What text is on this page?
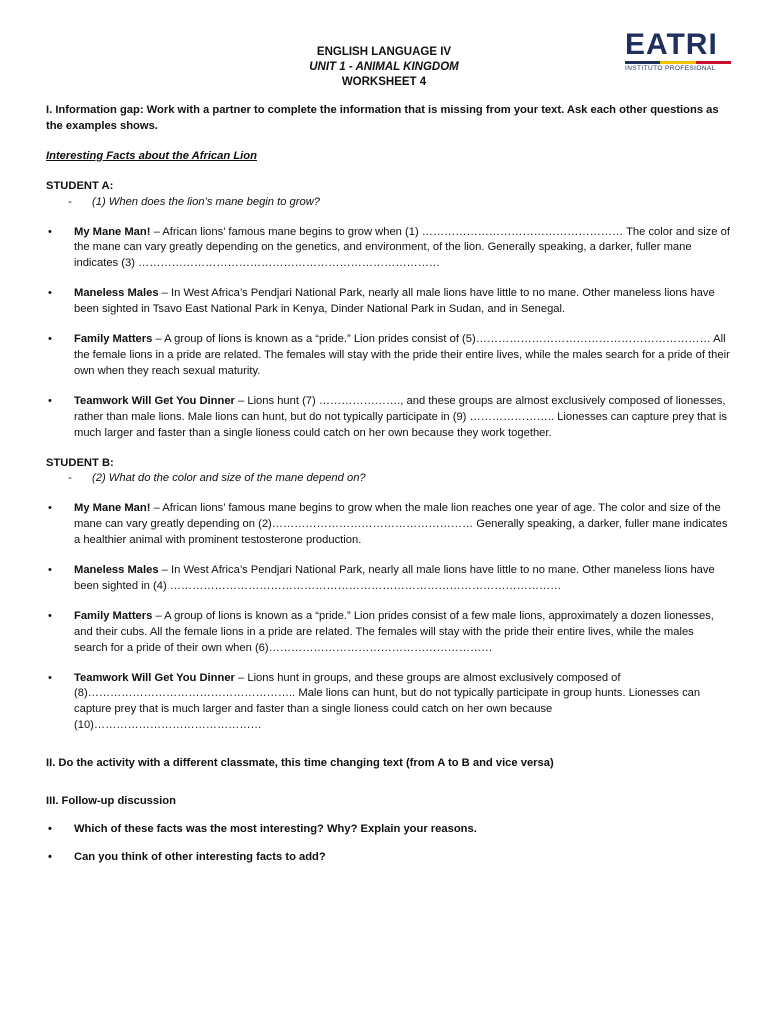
ENGLISH LANGUAGE IV
UNIT 1 - ANIMAL KINGDOM
WORKSHEET 4
EATRI
INSTITUTO PROFESIONAL
I. Information gap: Work with a partner to complete the information that is missing from your text. Ask each other questions as the examples shows.
Interesting Facts about the African Lion
STUDENT A:
-	(1) When does the lion’s mane begin to grow?
•	My Mane Man! – African lions’ famous mane begins to grow when (1) ……………………………………………… The color and size of the mane can vary greatly depending on the genetics, and environment, of the lion. Generally speaking, a darker, fuller mane indicates (3) ………………………………………………………………………
•	Maneless Males – In West Africa’s Pendjari National Park, nearly all male lions have little to no mane. Other maneless lions have been sighted in Tsavo East National Park in Kenya, Dinder National Park in Sudan, and in Senegal.
•	Family Matters – A group of lions is known as a “pride.” Lion prides consist of (5)……………………………………………………… All the female lions in a pride are related. The females will stay with the pride their entire lives, while the males search for a pride of their own when they reach sexual maturity.
•	Teamwork Will Get You Dinner – Lions hunt (7) …………………., and these groups are almost exclusively composed of lionesses, rather than male lions. Male lions can hunt, but do not typically participate in (9) ………………….. Lionesses can capture prey that is much larger and faster than a single lioness could catch on her own because they work together.
STUDENT B:
-	(2) What do the color and size of the mane depend on?
•	My Mane Man! – African lions’ famous mane begins to grow when the male lion reaches one year of age. The color and size of the mane can vary greatly depending on (2)……………………………………………… Generally speaking, a darker, fuller mane indicates a healthier animal with prominent testosterone production.
•	Maneless Males – In West Africa’s Pendjari National Park, nearly all male lions have little to no mane. Other maneless lions have been sighted in (4) ……………………………………………………………………………………………
•	Family Matters – A group of lions is known as a “pride.” Lion prides consist of a few male lions, approximately a dozen lionesses, and their cubs. All the female lions in a pride are related. The females will stay with the pride their entire lives, while the males search for a pride of their own when (6)……………………………………………………
•	Teamwork Will Get You Dinner – Lions hunt in groups, and these groups are almost exclusively composed of (8)……………………………………………….. Male lions can hunt, but do not typically participate in group hunts. Lionesses can capture prey that is much larger and faster than a single lioness could catch on her own because (10)………………………………………
II. Do the activity with a different classmate, this time changing text (from A to B and vice versa)
III. Follow-up discussion
•	Which of these facts was the most interesting? Why? Explain your reasons.
•	Can you think of other interesting facts to add?
